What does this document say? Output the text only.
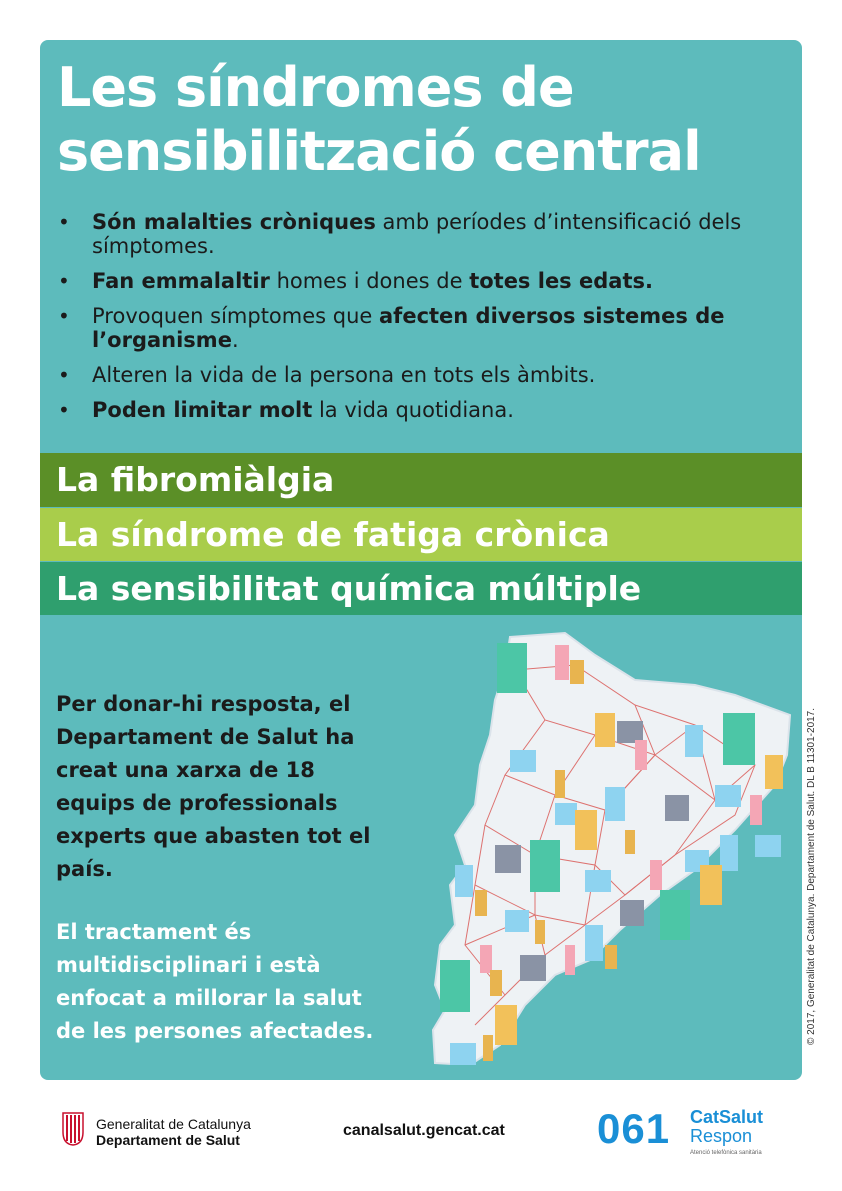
Les síndromes de
sensibilització central
• Són malalties cròniques amb períodes d’intensificació dels símptomes.
• Fan emmalaltir homes i dones de totes les edats.
• Provoquen símptomes que afecten diversos sistemes de l’organisme.
• Alteren la vida de la persona en tots els àmbits.
• Poden limitar molt la vida quotidiana.
La fibromiàlgia
La síndrome de fatiga crònica
La sensibilitat química múltiple

Per donar-hi resposta, el Departament de Salut ha creat una xarxa de 18 equips de professionals experts que abasten tot el país.

El tractament és multidisciplinari i està enfocat a millorar la salut de les persones afectades.	© 2017, Generalitat de Catalunya. Departament de Salut. DL B 11301-2017.
Generalitat de Catalunya
Departament de Salut
canalsalut.gencat.cat 061 CatSalut
Respon
Atenció telefònica sanitària
